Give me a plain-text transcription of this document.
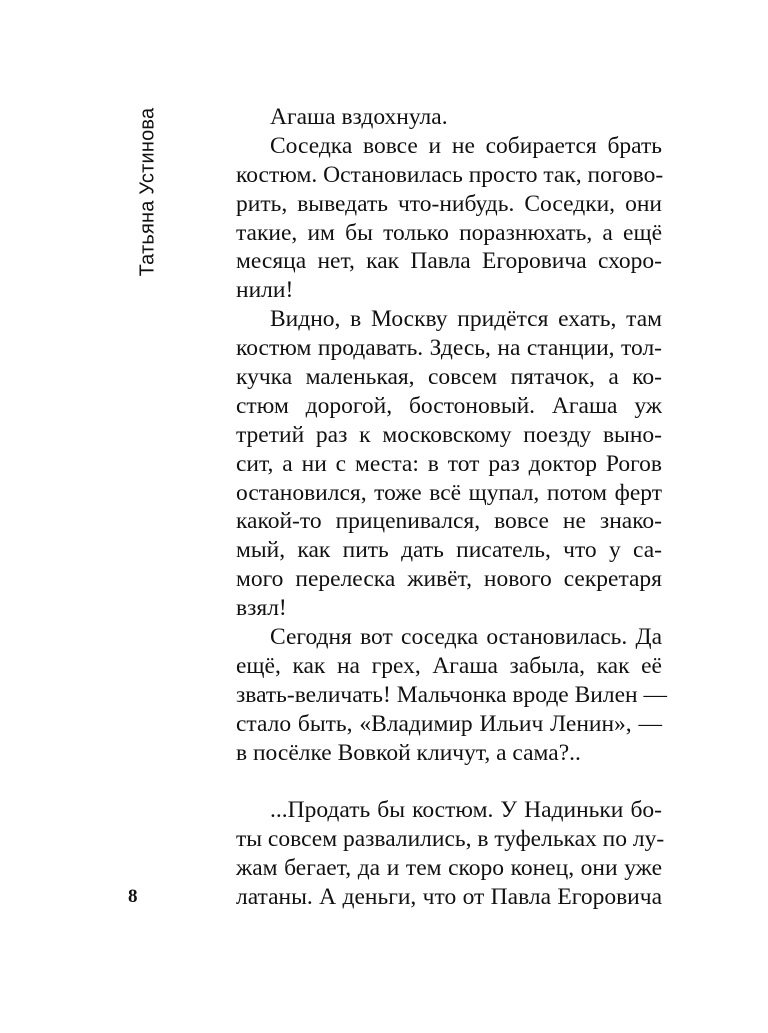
Татьяна Устинова
8
Агаша вздохнула.
Соседка вовсе и не собирается брать
костюм. Остановилась просто так, погово-
рить, выведать что-нибудь. Соседки, они
такие, им бы только поразнюхать, а ещё
месяца нет, как Павла Егоровича схоро-
нили!
Видно, в Москву придётся ехать, там
костюм продавать. Здесь, на станции, тол-
кучка маленькая, совсем пятачок, а ко-
стюм дорогой, бостоновый. Агаша уж
третий раз к московскому поезду выно-
сит, а ни с места: в тот раз доктор Рогов
остановился, тоже всё щупал, потом ферт
какой-то прицenивался, вовсе не знако-
мый, как пить дать писатель, что у са-
мого перелеска живёт, нового секретаря
взял!
Сегодня вот соседка остановилась. Да
ещё, как на грех, Агаша забыла, как её
звать-величать! Мальчонка вроде Вилен —
стало быть, «Владимир Ильич Ленин», —
в посёлке Вовкой кличут, а сама?..
...Продать бы костюм. У Надиньки бо-
ты совсем развалились, в туфельках по лу-
жам бегает, да и тем скоро конец, они уже
латаны. А деньги, что от Павла Егоровича
